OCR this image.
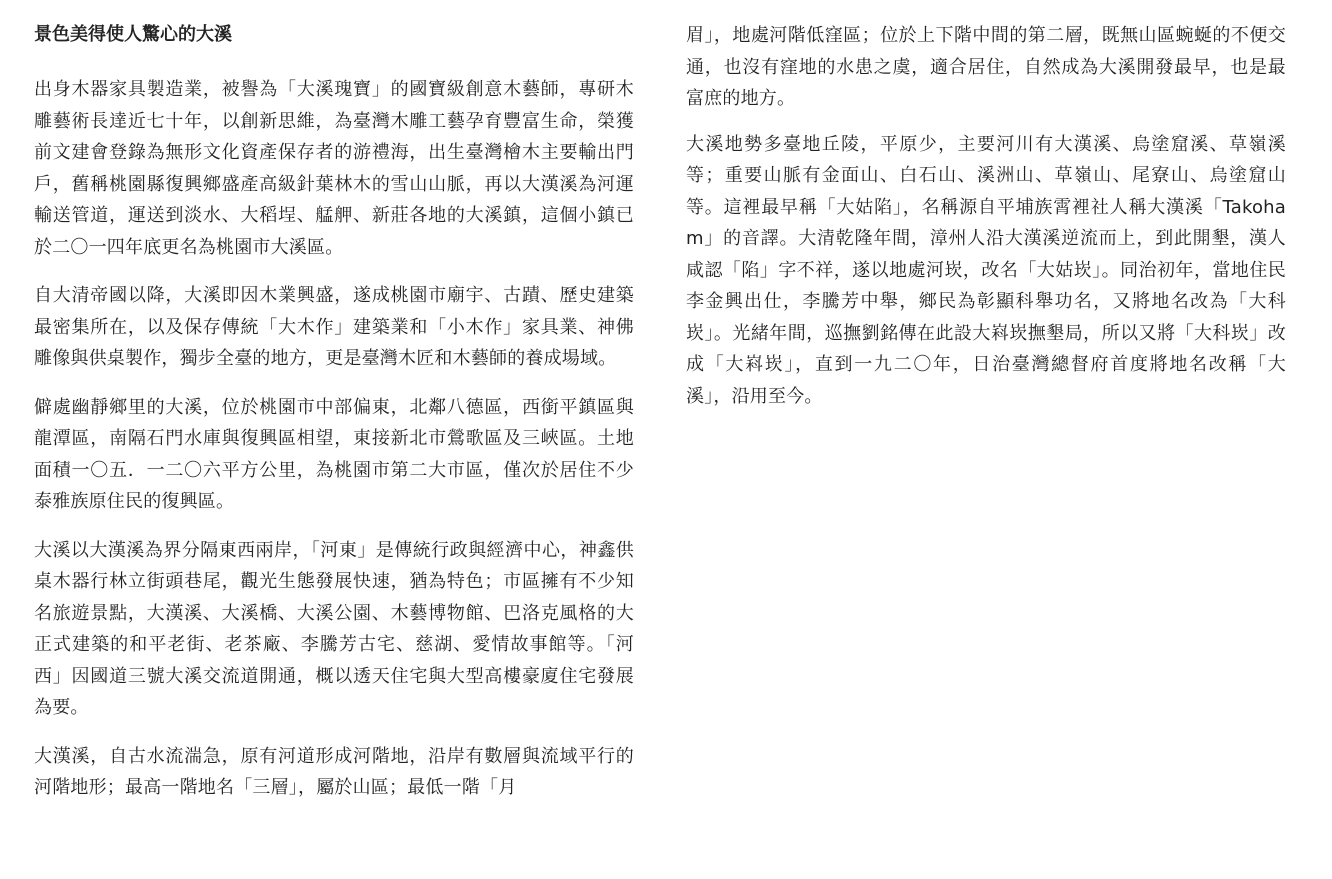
景色美得使人驚心的大溪

出身木器家具製造業，被譽為「大溪瑰寶」的國寶級創意木藝師，專研木雕藝術長達近七十年，以創新思維，為臺灣木雕工藝孕育豐富生命，榮獲前文建會登錄為無形文化資產保存者的游禮海，出生臺灣檜木主要輸出門戶，舊稱桃園縣復興鄉盛產高級針葉林木的雪山山脈，再以大漢溪為河運輸送管道，運送到淡水、大稻埕、艋舺、新莊各地的大溪鎮，這個小鎮已於二〇一四年底更名為桃園市大溪區。

自大清帝國以降，大溪即因木業興盛，遂成桃園市廟宇、古蹟、歷史建築最密集所在，以及保存傳統「大木作」建築業和「小木作」家具業、神佛雕像與供桌製作，獨步全臺的地方，更是臺灣木匠和木藝師的養成場域。

僻處幽靜鄉里的大溪，位於桃園市中部偏東，北鄰八德區，西銜平鎮區與龍潭區，南隔石門水庫與復興區相望，東接新北市鶯歌區及三峽區。土地面積一〇五．一二〇六平方公里，為桃園市第二大市區，僅次於居住不少泰雅族原住民的復興區。

大溪以大漢溪為界分隔東西兩岸，「河東」是傳統行政與經濟中心，神鑫供桌木器行林立街頭巷尾，觀光生態發展快速，猶為特色；市區擁有不少知名旅遊景點，大漢溪、大溪橋、大溪公園、木藝博物館、巴洛克風格的大正式建築的和平老街、老茶廠、李騰芳古宅、慈湖、愛情故事館等。「河西」因國道三號大溪交流道開通，概以透天住宅與大型高樓豪廈住宅發展為要。

大漢溪，自古水流湍急，原有河道形成河階地，沿岸有數層與流域平行的河階地形；最高一階地名「三層」，屬於山區；最低一階「月

眉」，地處河階低窪區；位於上下階中間的第二層，既無山區蜿蜒的不便交通，也沒有窪地的水患之虞，適合居住，自然成為大溪開發最早，也是最富庶的地方。

大溪地勢多臺地丘陵，平原少，主要河川有大漢溪、烏塗窟溪、草嶺溪等；重要山脈有金面山、白石山、溪洲山、草嶺山、尾寮山、烏塗窟山等。這裡最早稱「大姑陷」，名稱源自平埔族霄裡社人稱大漢溪「Takoham」的音譯。大清乾隆年間，漳州人沿大漢溪逆流而上，到此開墾，漢人咸認「陷」字不祥，遂以地處河崁，改名「大姑崁」。同治初年，當地住民李金興出仕，李騰芳中舉，鄉民為彰顯科舉功名，又將地名改為「大科崁」。光緒年間，巡撫劉銘傳在此設大嵙崁撫墾局，所以又將「大科崁」改成「大嵙崁」，直到一九二〇年，日治臺灣總督府首度將地名改稱「大溪」，沿用至今。
